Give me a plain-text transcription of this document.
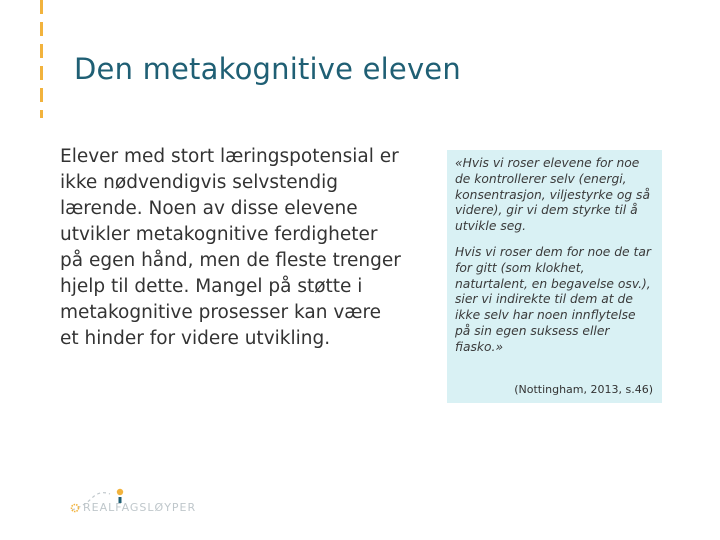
Den metakognitive eleven
Elever med stort læringspotensial er ikke nødvendigvis selvstendig lærende. Noen av disse elevene utvikler metakognitive ferdigheter på egen hånd, men de fleste trenger hjelp til dette. Mangel på støtte i metakognitive prosesser kan være et hinder for videre utvikling.

«Hvis vi roser elevene for noe de kontrollerer selv (energi, konsentrasjon, viljestyrke og så videre), gir vi dem styrke til å utvikle seg.

Hvis vi roser dem for noe de tar for gitt (som klokhet, naturtalent, en begavelse osv.), sier vi indirekte til dem at de ikke selv har noen innflytelse på sin egen suksess eller fiasko.»

(Nottingham, 2013, s.46)
REALFAGSLØYPER
